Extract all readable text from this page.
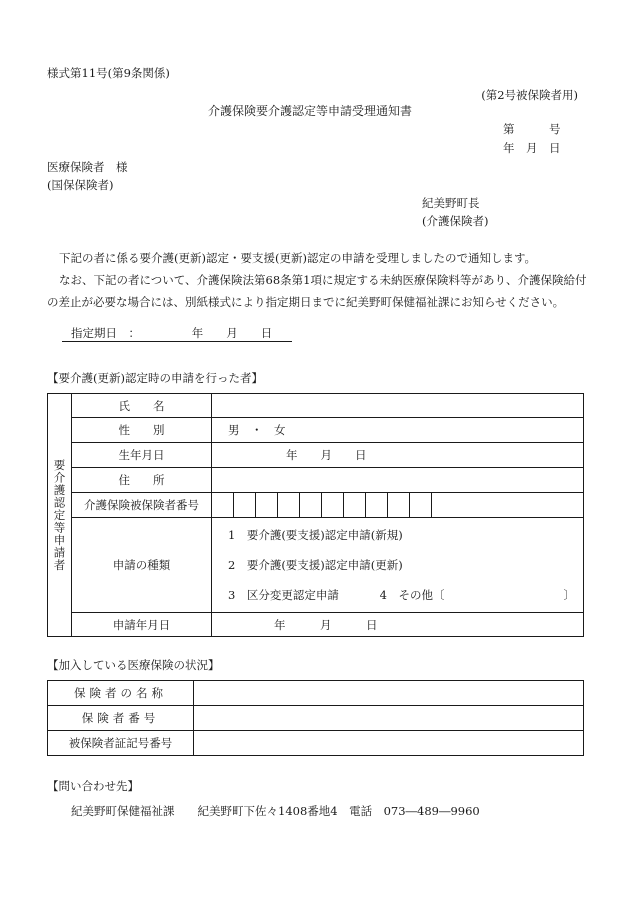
様式第11号(第9条関係)
(第2号被保険者用)
介護保険要介護認定等申請受理通知書
第　　　号
年　月　日
医療保険者　様
(国保保険者)
紀美野町長
(介護保険者)

下記の者に係る要介護(更新)認定・要支援(更新)認定の申請を受理しましたので通知します。

なお、下記の者について、介護保険法第68条第1項に規定する未納医療保険料等があり、介護保険給付の差止が必要な場合には、別紙様式により指定期日までに紀美野町保健福祉課にお知らせください。

指定期日　：　　　　　年　　月　　日
【要介護(更新)認定時の申請を行った者】
要介護認定等申請者	氏　　名	
	性　　別	男　・　女
	生年月日	年　　月　　日
	住　　所	
	介護保険被保険者番号	

	申請の種類	1　要介護(要支援)認定申請(新規)
2　要介護(要支援)認定申請(更新)
3　区分変更認定申請 4　その他〔 〕

	申請年月日	年　　　月　　　日
【加入している医療保険の状況】
保険者の名称	
保険者番号	
被保険者証記号番号	
【問い合わせ先】
紀美野町保健福祉課　　紀美野町下佐々1408番地4　電話　073―489―9960
